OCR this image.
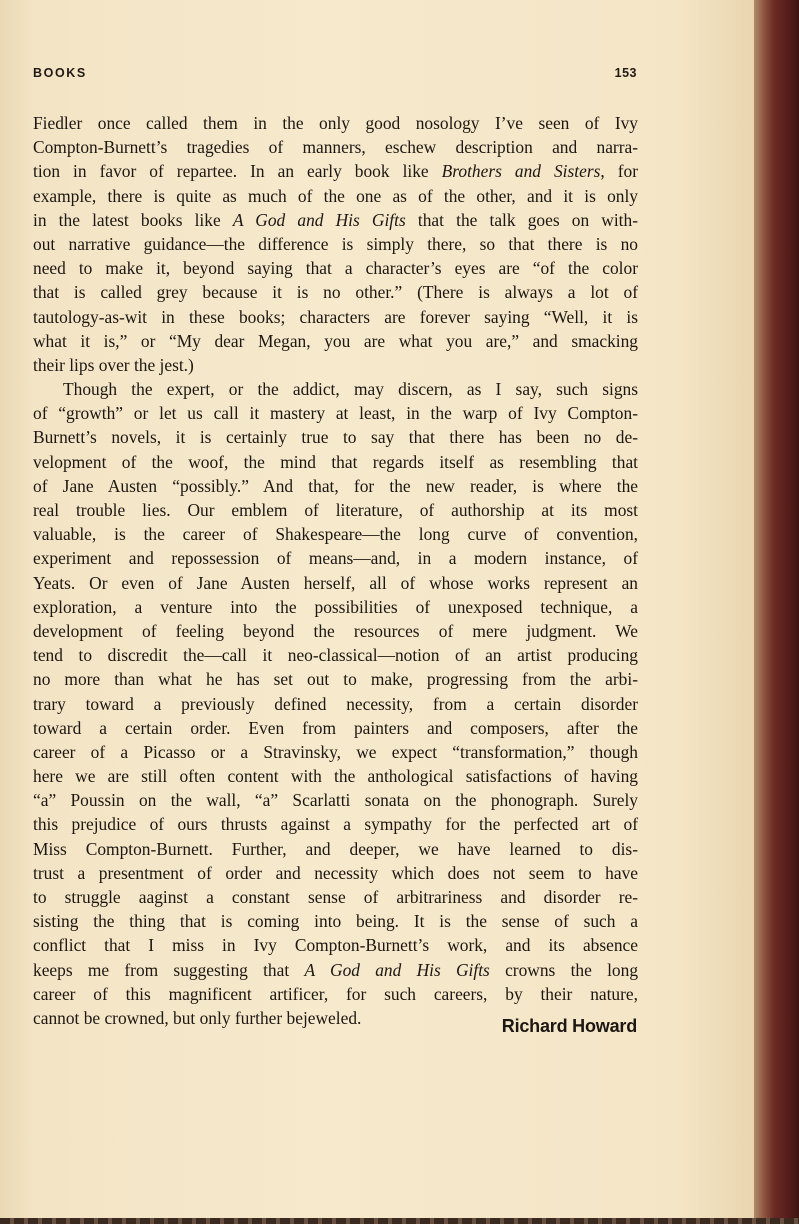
BOOKS	153
Fiedler once called them in the only good nosology I’ve seen of Ivy
Compton-Burnett’s tragedies of manners, eschew description and narra-
tion in favor of repartee. In an early book like Brothers and Sisters, for
example, there is quite as much of the one as of the other, and it is only
in the latest books like A God and His Gifts that the talk goes on with-
out narrative guidance—the difference is simply there, so that there is no
need to make it, beyond saying that a character’s eyes are “of the color
that is called grey because it is no other.” (There is always a lot of
tautology-as-wit in these books; characters are forever saying “Well, it is
what it is,” or “My dear Megan, you are what you are,” and smacking
their lips over the jest.)
Though the expert, or the addict, may discern, as I say, such signs
of “growth” or let us call it mastery at least, in the warp of Ivy Compton-
Burnett’s novels, it is certainly true to say that there has been no de-
velopment of the woof, the mind that regards itself as resembling that
of Jane Austen “possibly.” And that, for the new reader, is where the
real trouble lies. Our emblem of literature, of authorship at its most
valuable, is the career of Shakespeare—the long curve of convention,
experiment and repossession of means—and, in a modern instance, of
Yeats. Or even of Jane Austen herself, all of whose works represent an
exploration, a venture into the possibilities of unexposed technique, a
development of feeling beyond the resources of mere judgment. We
tend to discredit the—call it neo-classical—notion of an artist producing
no more than what he has set out to make, progressing from the arbi-
trary toward a previously defined necessity, from a certain disorder
toward a certain order. Even from painters and composers, after the
career of a Picasso or a Stravinsky, we expect “transformation,” though
here we are still often content with the anthological satisfactions of having
“a” Poussin on the wall, “a” Scarlatti sonata on the phonograph. Surely
this prejudice of ours thrusts against a sympathy for the perfected art of
Miss Compton-Burnett. Further, and deeper, we have learned to dis-
trust a presentment of order and necessity which does not seem to have
to struggle aaginst a constant sense of arbitrariness and disorder re-
sisting the thing that is coming into being. It is the sense of such a
conflict that I miss in Ivy Compton-Burnett’s work, and its absence
keeps me from suggesting that A God and His Gifts crowns the long
career of this magnificent artificer, for such careers, by their nature,
cannot be crowned, but only further bejeweled.	Richard Howard
